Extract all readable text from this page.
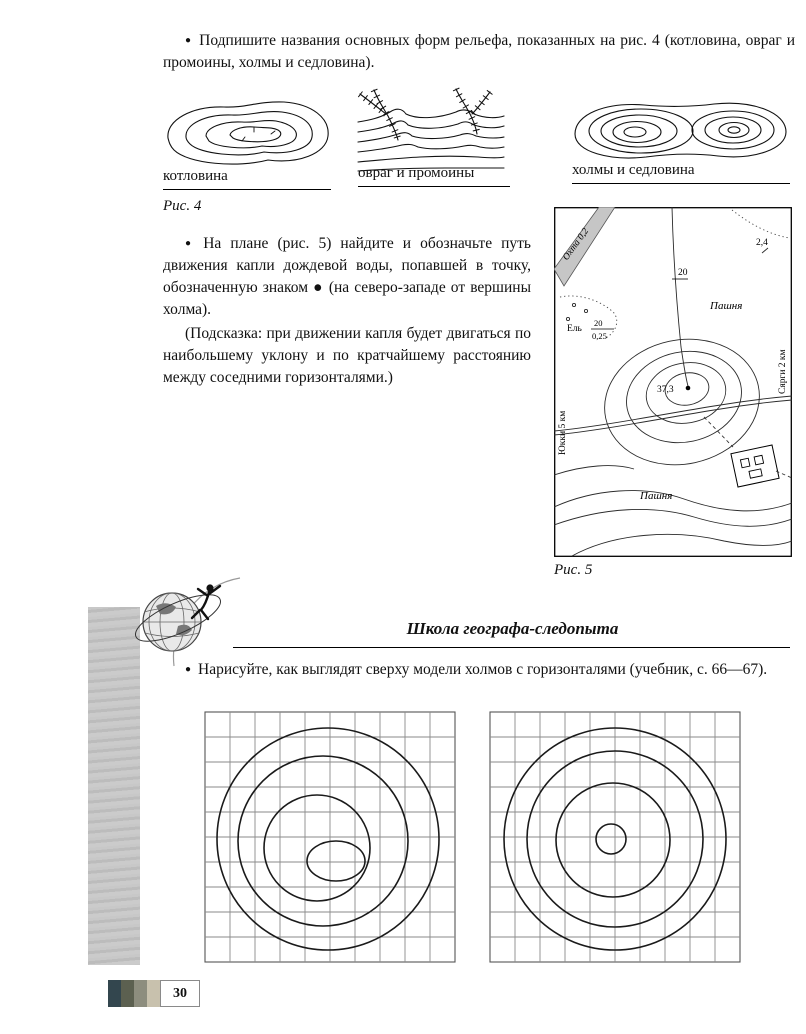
● Подпишите названия основных форм рельефа, показанных на рис. 4 (котловина, овраг и промоины, холмы и седловина).
котловина	овраг и промоины	холмы и седловина
Рис. 4
● На плане (рис. 5) найдите и обозначьте путь движения капли дождевой воды, попавшей в точку, обозначенную знаком ● (на северо-западе от вершины холма).
(Подсказка: при движении капля будет двигаться по наибольшему уклону и по кратчайшему расстоянию между соседними горизонталями.)
Охта 0,2
Ель
20
0,25
2,4
20
Пашня
37,3
Юкки 5 км
Сярги 2 км
Пашня
Рис. 5
Школа географа-следопыта
● Нарисуйте, как выглядят сверху модели холмов с горизонталями (учебник, с. 66—67).
30
